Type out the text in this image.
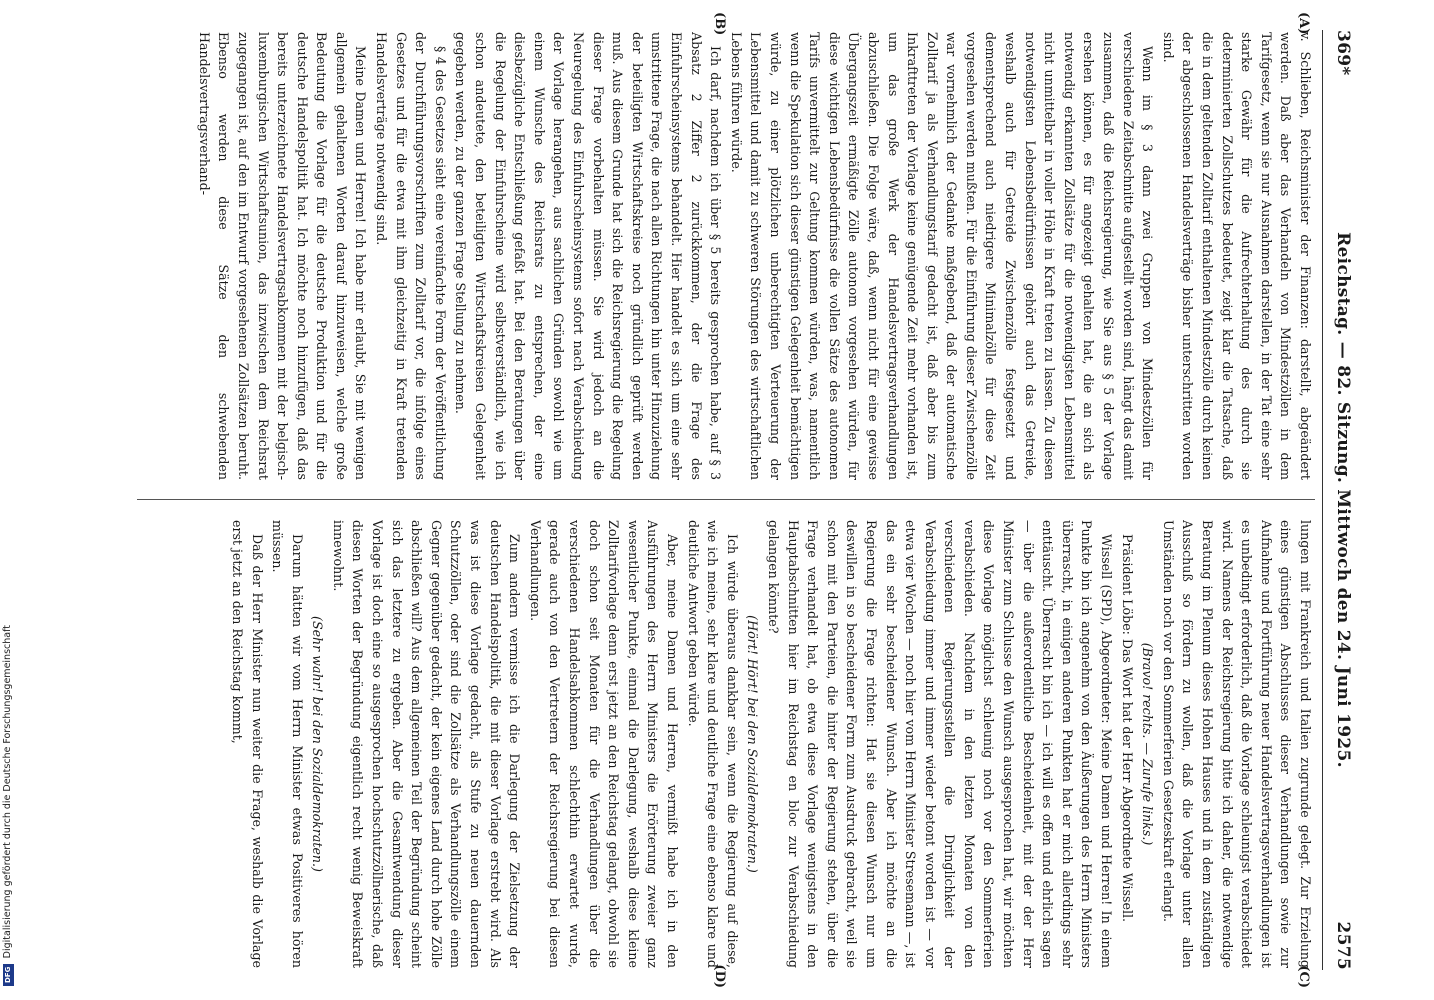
369*
Reichstag. — 82. Sitzung. Mittwoch den 24. Juni 1925.
2575
(A)
(B)
(C)
(D)

v. Schlieben, Reichsminister der Finanzen: darstellt, abgeändert werden. Daß aber das Verhandeln von Mindestzöllen in dem Tarifgesetz, wenn sie nur Ausnahmen darstellen, in der Tat eine sehr starke Gewähr für die Aufrechterhaltung des durch sie determinierten Zollschutzes bedeutet, zeigt klar die Tatsache, daß die in dem geltenden Zolltarif enthaltenen Mindestzölle durch keinen der abgeschlossenen Handelsverträge bisher unterschritten worden sind.

Wenn im § 3 dann zwei Gruppen von Mindestzöllen für verschiedene Zeitabschnitte aufgestellt worden sind, hängt das damit zusammen, daß die Reichsregierung, wie Sie aus § 5 der Vorlage ersehen können, es für angezeigt gehalten hat, die an sich als notwendig erkannten Zollsätze für die notwendigsten Lebensmittel nicht unmittelbar in voller Höhe in Kraft treten zu lassen. Zu diesen notwendigsten Lebensbedürfnissen gehört auch das Getreide, weshalb auch für Getreide Zwischenzölle festgesetzt und dementsprechend auch niedrigere Minimalzölle für diese Zeit vorgesehen werden mußten. Für die Einführung dieser Zwischenzölle war vornehmlich der Gedanke maßgebend, daß der automatische Zolltarif ja als Verhandlungstarif gedacht ist, daß aber bis zum Inkrafttreten der Vorlage keine genügende Zeit mehr vorhanden ist, um das große Werk der Handelsvertragsverhandlungen abzuschließen. Die Folge wäre, daß, wenn nicht für eine gewisse Übergangszeit ermäßigte Zölle autonom vorgesehen würden, für diese wichtigen Lebensbedürfnisse die vollen Sätze des autonomen Tarifs unvermittelt zur Geltung kommen würden, was, namentlich wenn die Spekulation sich dieser günstigen Gelegenheit bemächtigen würde, zu einer plötzlichen unberechtigten Verteuerung der Lebensmittel und damit zu schweren Störungen des wirtschaftlichen Lebens führen würde.

Ich darf, nachdem ich über § 5 bereits gesprochen habe, auf § 3 Absatz 2 Ziffer 2 zurückkommen, der die Frage des Einfuhrscheinsystems behandelt. Hier handelt es sich um eine sehr umstrittene Frage, die nach allen Richtungen hin unter Hinzuziehung der beteiligten Wirtschaftskreise noch gründlich geprüft werden muß. Aus diesem Grunde hat sich die Reichsregierung die Regelung dieser Frage vorbehalten müssen. Sie wird jedoch an die Neuregelung des Einfuhrscheinsystems sofort nach Verabschiedung der Vorlage herangehen, aus sachlichen Gründen sowohl wie um einem Wunsche des Reichsrats zu entsprechen, der eine diesbezügliche Entschließung gefaßt hat. Bei den Beratungen über die Regelung der Einfuhrscheine wird selbstverständlich, wie ich schon andeutete, den beteiligten Wirtschaftskreisen Gelegenheit gegeben werden, zu der ganzen Frage Stellung zu nehmen.

§ 4 des Gesetzes sieht eine vereinfachte Form der Veröffentlichung der Durchführungsvorschriften zum Zolltarif vor, die infolge eines Gesetzes und für die etwa mit ihm gleichzeitig in Kraft tretenden Handelsverträge notwendig sind.

Meine Damen und Herren! Ich habe mir erlaubt, Sie mit wenigen allgemein gehaltenen Worten darauf hinzuweisen, welche große Bedeutung die Vorlage für die deutsche Produktion und für die deutsche Handelspolitik hat. Ich möchte noch hinzufügen, daß das bereits unterzeichnete Handelsvertragsabkommen mit der belgisch-luxemburgischen Wirtschaftsunion, das inzwischen dem Reichsrat zugegangen ist, auf den im Entwurf vorgesehenen Zollsätzen beruht. Ebenso werden diese Sätze den schwebenden Handelsvertragsverhand-

lungen mit Frankreich und Italien zugrunde gelegt. Zur Erzielung eines günstigen Abschlusses dieser Verhandlungen sowie zur Aufnahme und Fortführung neuer Handelsvertragsverhandlungen ist es unbedingt erforderlich, daß die Vorlage schleunigst verabschiedet wird. Namens der Reichsregierung bitte ich daher, die notwendige Beratung im Plenum dieses Hohen Hauses und in dem zuständigen Ausschuß so fördern zu wollen, daß die Vorlage unter allen Umständen noch vor den Sommerferien Gesetzeskraft erlangt.

(Bravo! rechts. — Zurufe links.)

Präsident Löbe: Das Wort hat der Herr Abgeordnete Wissell.

Wissell (SPD), Abgeordneter: Meine Damen und Herren! In einem Punkte bin ich angenehm von den Äußerungen des Herrn Ministers überrascht, in einigen anderen Punkten hat er mich allerdings sehr enttäuscht. Überrascht bin ich — ich will es offen und ehrlich sagen — über die außerordentliche Bescheidenheit, mit der der Herr Minister zum Schlusse den Wunsch ausgesprochen hat, wir möchten diese Vorlage möglichst schleunig noch vor den Sommerferien verabschieden. Nachdem in den letzten Monaten von den verschiedenen Regierungsstellen die Dringlichkeit der Verabschiedung immer und immer wieder betont worden ist — vor etwa vier Wochen — noch hier vom Herrn Minister Stresemann —, ist das ein sehr bescheidener Wunsch. Aber ich möchte an die Regierung die Frage richten: Hat sie diesen Wunsch nur um deswillen in so bescheidener Form zum Ausdruck gebracht, weil sie schon mit den Parteien, die hinter der Regierung stehen, über die Frage verhandelt hat, ob etwa diese Vorlage wenigstens in den Hauptabschnitten hier im Reichstag en bloc zur Verabschiedung gelangen könnte?

(Hört! Hört! bei den Sozialdemokraten.)

Ich würde überaus dankbar sein, wenn die Regierung auf diese, wie ich meine, sehr klare und deutliche Frage eine ebenso klare und deutliche Antwort geben würde.

Aber, meine Damen und Herren, vermißt habe ich in den Ausführungen des Herrn Ministers die Erörterung zweier ganz wesentlicher Punkte, einmal die Darlegung, weshalb diese kleine Zolltarifvorlage denn erst jetzt an den Reichstag gelangt, obwohl sie doch schon seit Monaten für die Verhandlungen über die verschiedenen Handelsabkommen schlechthin erwartet wurde, gerade auch von den Vertretern der Reichsregierung bei diesen Verhandlungen.

Zum andern vermisse ich die Darlegung der Zielsetzung der deutschen Handelspolitik, die mit dieser Vorlage erstrebt wird. Als was ist diese Vorlage gedacht, als Stufe zu neuen dauernden Schutzzöllen, oder sind die Zollsätze als Verhandlungszölle einem Gegner gegenüber gedacht, der kein eigenes Land durch hohe Zölle abschließen will? Aus dem allgemeinen Teil der Begründung scheint sich das letztere zu ergeben. Aber die Gesamtwendung dieser Vorlage ist doch eine so ausgesprochen hochschutzzöllnerische, daß diesen Worten der Begründung eigentlich recht wenig Beweiskraft innewohnt.

(Sehr wahr! bei den Sozialdemokraten.)

Darum hätten wir vom Herrn Minister etwas Positiveres hören müssen.

Daß der Herr Minister nun weiter die Frage, weshalb die Vorlage erst jetzt an den Reichstag kommt,

Digitalisierung gefördert durch die Deutsche Forschungsgemeinschaft
DFG
